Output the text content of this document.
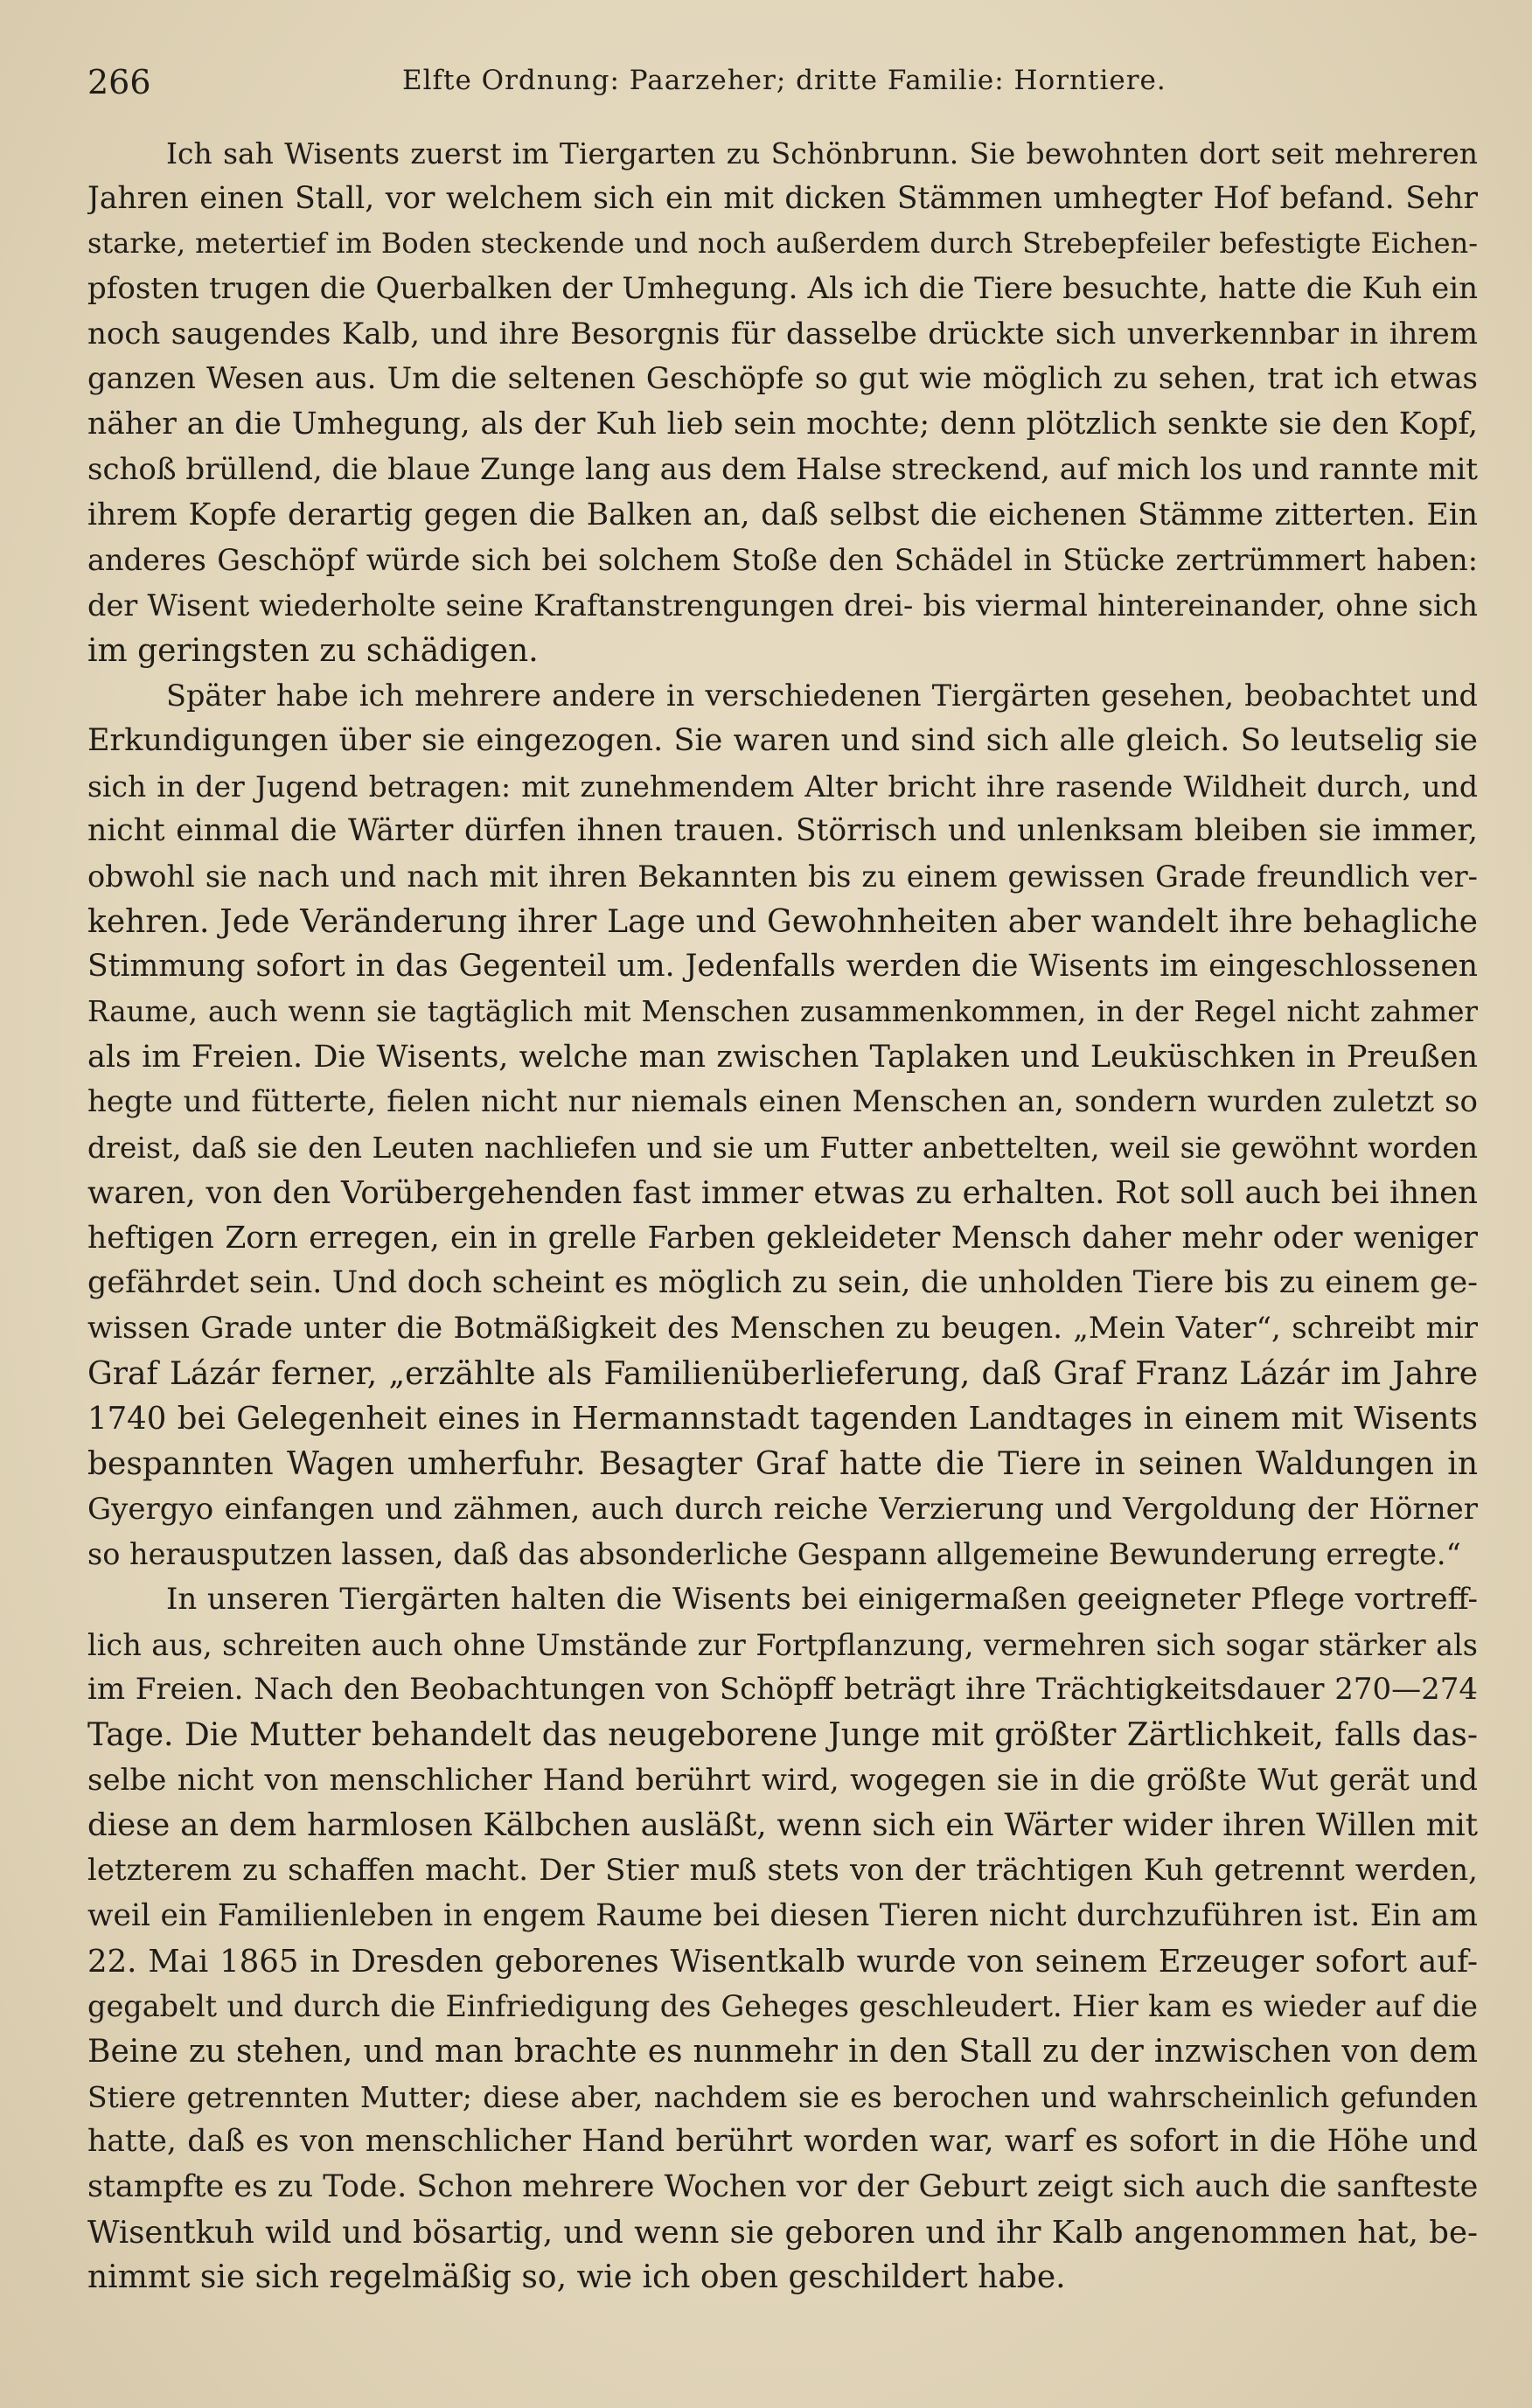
266	Elfte Ordnung: Paarzeher; dritte Familie: Horntiere.
Ich sah Wisents zuerst im Tiergarten zu Schönbrunn. Sie bewohnten dort seit mehreren
Jahren einen Stall, vor welchem sich ein mit dicken Stämmen umhegter Hof befand. Sehr
starke, metertief im Boden steckende und noch außerdem durch Strebepfeiler befestigte Eichen-
pfosten trugen die Querbalken der Umhegung. Als ich die Tiere besuchte, hatte die Kuh ein
noch saugendes Kalb, und ihre Besorgnis für dasselbe drückte sich unverkennbar in ihrem
ganzen Wesen aus. Um die seltenen Geschöpfe so gut wie möglich zu sehen, trat ich etwas
näher an die Umhegung, als der Kuh lieb sein mochte; denn plötzlich senkte sie den Kopf,
schoß brüllend, die blaue Zunge lang aus dem Halse streckend, auf mich los und rannte mit
ihrem Kopfe derartig gegen die Balken an, daß selbst die eichenen Stämme zitterten. Ein
anderes Geschöpf würde sich bei solchem Stoße den Schädel in Stücke zertrümmert haben:
der Wisent wiederholte seine Kraftanstrengungen drei- bis viermal hintereinander, ohne sich
im geringsten zu schädigen.
Später habe ich mehrere andere in verschiedenen Tiergärten gesehen, beobachtet und
Erkundigungen über sie eingezogen. Sie waren und sind sich alle gleich. So leutselig sie
sich in der Jugend betragen: mit zunehmendem Alter bricht ihre rasende Wildheit durch, und
nicht einmal die Wärter dürfen ihnen trauen. Störrisch und unlenksam bleiben sie immer,
obwohl sie nach und nach mit ihren Bekannten bis zu einem gewissen Grade freundlich ver-
kehren. Jede Veränderung ihrer Lage und Gewohnheiten aber wandelt ihre behagliche
Stimmung sofort in das Gegenteil um. Jedenfalls werden die Wisents im eingeschlossenen
Raume, auch wenn sie tagtäglich mit Menschen zusammenkommen, in der Regel nicht zahmer
als im Freien. Die Wisents, welche man zwischen Taplaken und Leuküschken in Preußen
hegte und fütterte, fielen nicht nur niemals einen Menschen an, sondern wurden zuletzt so
dreist, daß sie den Leuten nachliefen und sie um Futter anbettelten, weil sie gewöhnt worden
waren, von den Vorübergehenden fast immer etwas zu erhalten. Rot soll auch bei ihnen
heftigen Zorn erregen, ein in grelle Farben gekleideter Mensch daher mehr oder weniger
gefährdet sein. Und doch scheint es möglich zu sein, die unholden Tiere bis zu einem ge-
wissen Grade unter die Botmäßigkeit des Menschen zu beugen. „Mein Vater“, schreibt mir
Graf Lázár ferner, „erzählte als Familienüberlieferung, daß Graf Franz Lázár im Jahre
1740 bei Gelegenheit eines in Hermannstadt tagenden Landtages in einem mit Wisents
bespannten Wagen umherfuhr. Besagter Graf hatte die Tiere in seinen Waldungen in
Gyergyo einfangen und zähmen, auch durch reiche Verzierung und Vergoldung der Hörner
so herausputzen lassen, daß das absonderliche Gespann allgemeine Bewunderung erregte.“
In unseren Tiergärten halten die Wisents bei einigermaßen geeigneter Pflege vortreff-
lich aus, schreiten auch ohne Umstände zur Fortpflanzung, vermehren sich sogar stärker als
im Freien. Nach den Beobachtungen von Schöpff beträgt ihre Trächtigkeitsdauer 270—274
Tage. Die Mutter behandelt das neugeborene Junge mit größter Zärtlichkeit, falls das-
selbe nicht von menschlicher Hand berührt wird, wogegen sie in die größte Wut gerät und
diese an dem harmlosen Kälbchen ausläßt, wenn sich ein Wärter wider ihren Willen mit
letzterem zu schaffen macht. Der Stier muß stets von der trächtigen Kuh getrennt werden,
weil ein Familienleben in engem Raume bei diesen Tieren nicht durchzuführen ist. Ein am
22. Mai 1865 in Dresden geborenes Wisentkalb wurde von seinem Erzeuger sofort auf-
gegabelt und durch die Einfriedigung des Geheges geschleudert. Hier kam es wieder auf die
Beine zu stehen, und man brachte es nunmehr in den Stall zu der inzwischen von dem
Stiere getrennten Mutter; diese aber, nachdem sie es berochen und wahrscheinlich gefunden
hatte, daß es von menschlicher Hand berührt worden war, warf es sofort in die Höhe und
stampfte es zu Tode. Schon mehrere Wochen vor der Geburt zeigt sich auch die sanfteste
Wisentkuh wild und bösartig, und wenn sie geboren und ihr Kalb angenommen hat, be-
nimmt sie sich regelmäßig so, wie ich oben geschildert habe.
